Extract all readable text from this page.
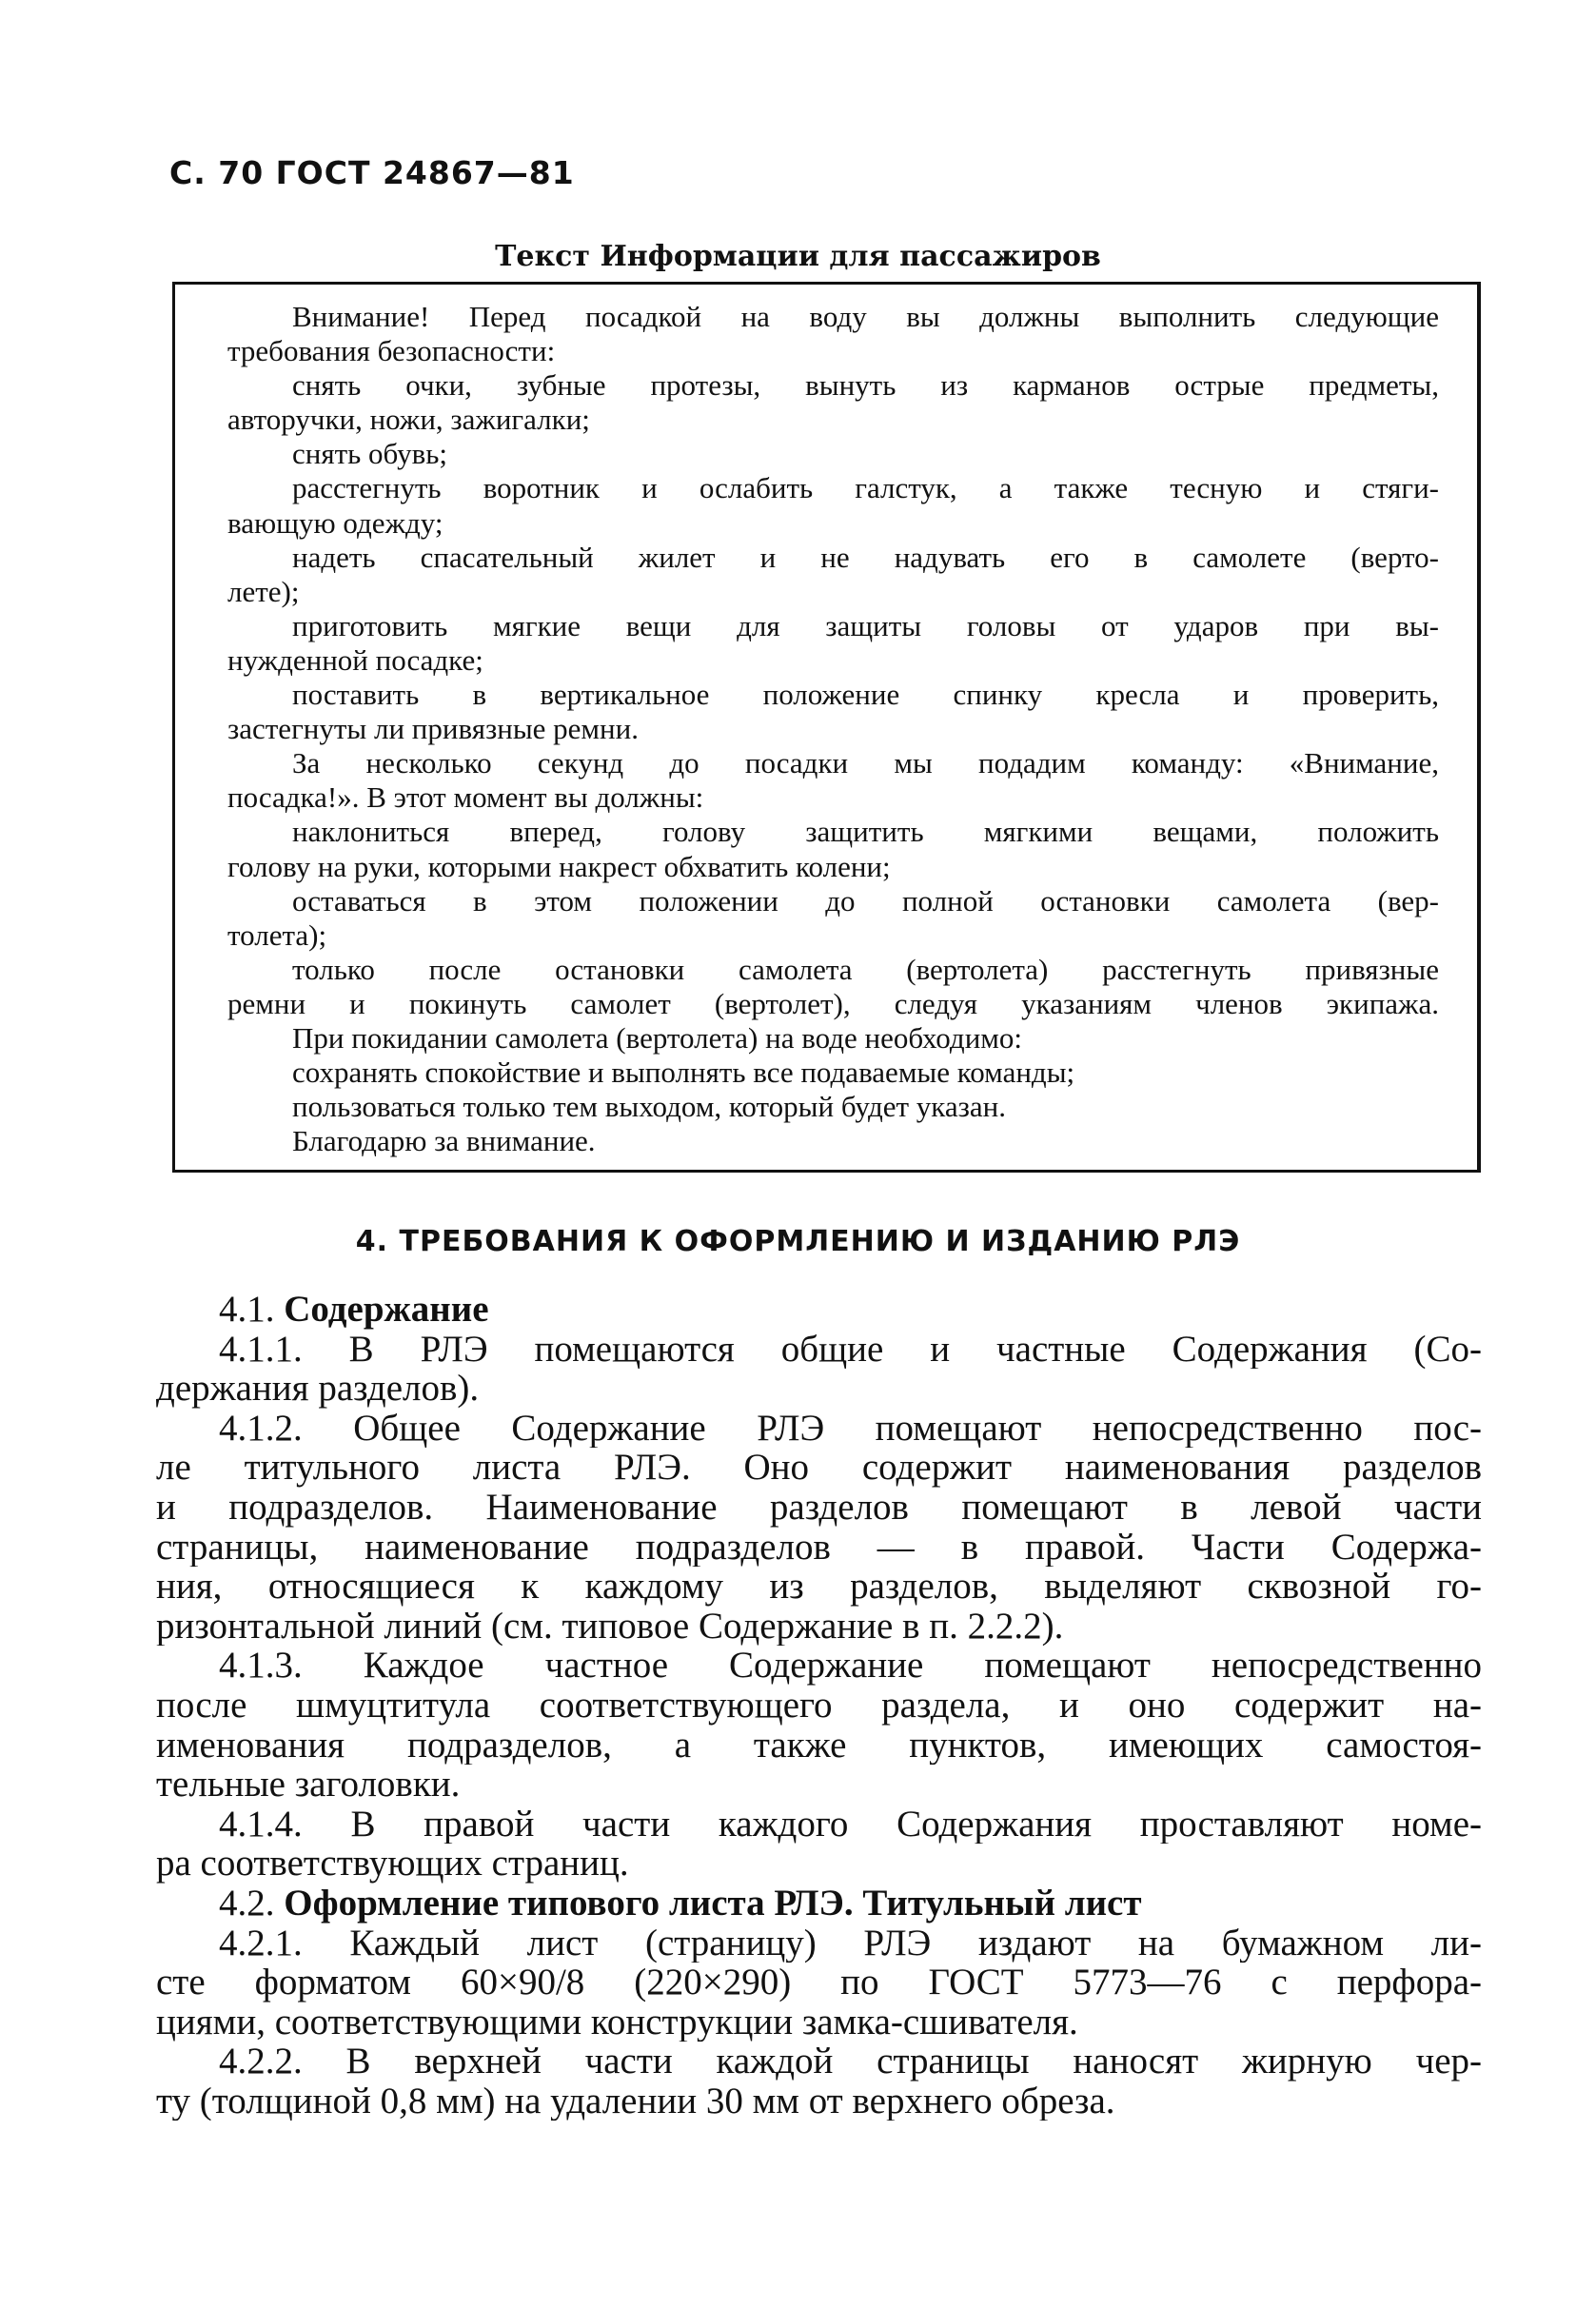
С. 70 ГОСТ 24867—81
Текст Информации для пассажиров
Внимание! Перед посадкой на воду вы должны выполнить следующие
требования безопасности:
снять очки, зубные протезы, вынуть из карманов острые предметы,
авторучки, ножи, зажигалки;
снять обувь;
расстегнуть воротник и ослабить галстук, а также тесную и стяги-
вающую одежду;
надеть спасательный жилет и не надувать его в самолете (верто-
лете);
приготовить мягкие вещи для защиты головы от ударов при вы-
нужденной посадке;
поставить в вертикальное положение спинку кресла и проверить,
застегнуты ли привязные ремни.
За несколько секунд до посадки мы подадим команду: «Внимание,
посадка!». В этот момент вы должны:
наклониться вперед, голову защитить мягкими вещами, положить
голову на руки, которыми накрест обхватить колени;
оставаться в этом положении до полной остановки самолета (вер-
толета);
только после остановки самолета (вертолета) расстегнуть привязные
ремни и покинуть самолет (вертолет), следуя указаниям членов экипажа.
При покидании самолета (вертолета) на воде необходимо:
сохранять спокойствие и выполнять все подаваемые команды;
пользоваться только тем выходом, который будет указан.
Благодарю за внимание.
4. ТРЕБОВАНИЯ К ОФОРМЛЕНИЮ И ИЗДАНИЮ РЛЭ
4.1. Содержание
4.1.1. В РЛЭ помещаются общие и частные Содержания (Со-
держания разделов).
4.1.2. Общее Содержание РЛЭ помещают непосредственно пос-
ле титульного листа РЛЭ. Оно содержит наименования разделов
и подразделов. Наименование разделов помещают в левой части
страницы, наименование подразделов — в правой. Части Содержа-
ния, относящиеся к каждому из разделов, выделяют сквозной го-
ризонтальной линий (см. типовое Содержание в п. 2.2.2).
4.1.3. Каждое частное Содержание помещают непосредственно
после шмуцтитула соответствующего раздела, и оно содержит на-
именования подразделов, а также пунктов, имеющих самостоя-
тельные заголовки.
4.1.4. В правой части каждого Содержания проставляют номе-
ра соответствующих страниц.
4.2. Оформление типового листа РЛЭ. Титульный лист
4.2.1. Каждый лист (страницу) РЛЭ издают на бумажном ли-
сте форматом 60×90/8 (220×290) по ГОСТ 5773—76 с перфора-
циями, соответствующими конструкции замка-сшивателя.
4.2.2. В верхней части каждой страницы наносят жирную чер-
ту (толщиной 0,8 мм) на удалении 30 мм от верхнего обреза.
